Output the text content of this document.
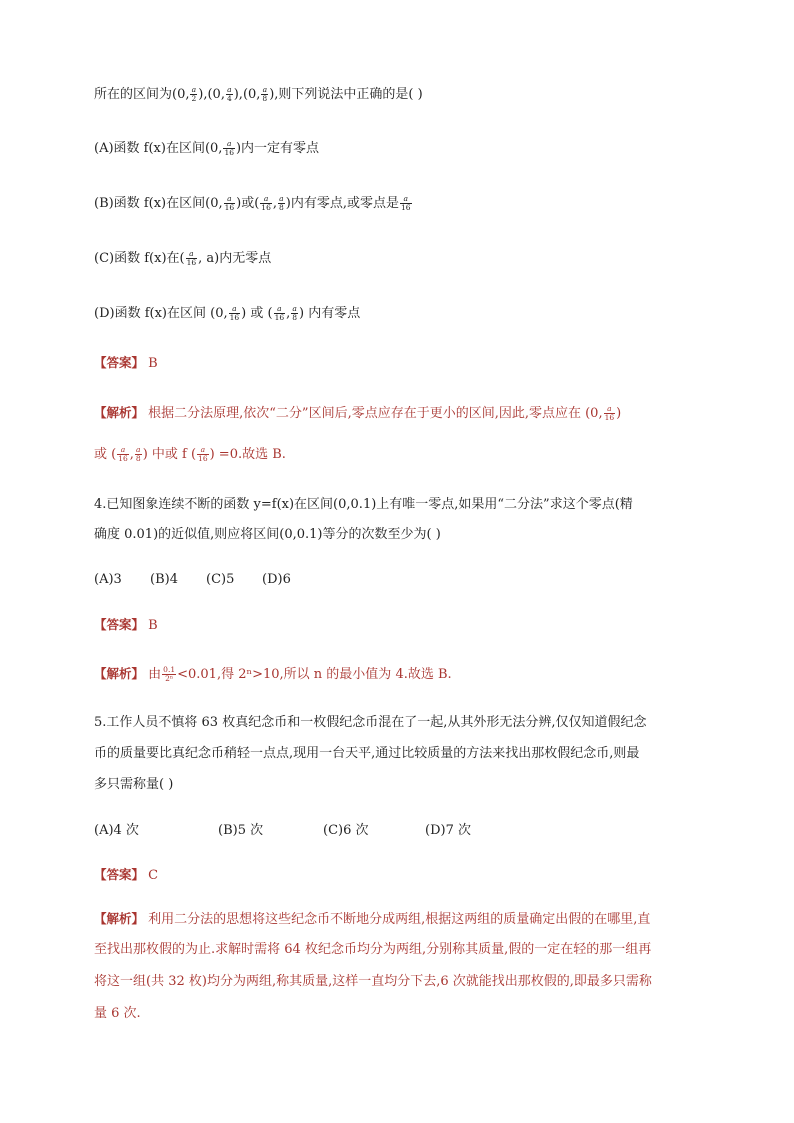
所在的区间为(0, $\frac{a}{2} ),(0$, $\frac{a}{4} ),(0$, $\frac{a}{8}$ ),则下列说法中正确的是( )
(A)函数 f(x)在区间(0, $\frac{a}{16}$ )内一定有零点
(B)函数 f(x)在区间(0, $\frac{a}{16}$ )或( $\frac{a}{16}$ , $\frac{a}{8}$ )内有零点,或零点是 $\frac{a}{16}$
(C)函数 f(x)在( $\frac{a}{16}$ , a)内无零点
(D)函数 f(x)在区间 (0, $\frac{a}{16}$ ) 或 ( $\frac{a}{16}$ , $\frac{a}{8}$ ) 内有零点
【答案】 B
【解析】 根据二分法原理,依次“二分”区间后,零点应存在于更小的区间,因此,零点应在 (0, $\frac{a}{16}$ )
或 ( $\frac{a}{16}$ , $\frac{a}{8}$ ) 中或 f ( $\frac{a}{16}$ ) =0.故选 B.
4.已知图象连续不断的函数 y=f(x)在区间(0,0.1)上有唯一零点,如果用“二分法”求这个零点(精
确度 0.01)的近似值,则应将区间(0,0.1)等分的次数至少为( )
(A)3 (B)4 (C)5 (D)6
【答案】 B
【解析】 由 $\frac{0.1}{\text{2ⁿ}} <0.01$,得 2ⁿ>10,所以 n 的最小值为 4.故选 B.
5.工作人员不慎将 63 枚真纪念币和一枚假纪念币混在了一起,从其外形无法分辨,仅仅知道假纪念
币的质量要比真纪念币稍轻一点点,现用一台天平,通过比较质量的方法来找出那枚假纪念币,则最
多只需称量( )
(A)4 次	(B)5 次	(C)6 次	(D)7 次
【答案】 C
【解析】 利用二分法的思想将这些纪念币不断地分成两组,根据这两组的质量确定出假的在哪里,直
至找出那枚假的为止.求解时需将 64 枚纪念币均分为两组,分别称其质量,假的一定在轻的那一组再
将这一组(共 32 枚)均分为两组,称其质量,这样一直均分下去,6 次就能找出那枚假的,即最多只需称
量 6 次.
